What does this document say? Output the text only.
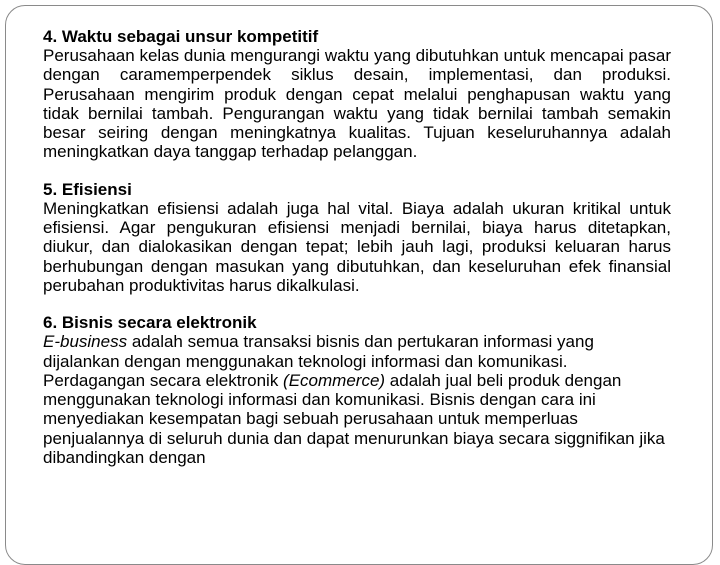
4. Waktu sebagai unsur kompetitif

Perusahaan kelas dunia mengurangi waktu yang dibutuhkan untuk mencapai pasar dengan caramemperpendek siklus desain, implementasi, dan produksi. Perusahaan mengirim produk dengan cepat melalui penghapusan waktu yang tidak bernilai tambah. Pengurangan waktu yang tidak bernilai tambah semakin besar seiring dengan meningkatnya kualitas. Tujuan keseluruhannya adalah meningkatkan daya tanggap terhadap pelanggan.

5. Efisiensi

Meningkatkan efisiensi adalah juga hal vital. Biaya adalah ukuran kritikal untuk efisiensi. Agar pengukuran efisiensi menjadi bernilai, biaya harus ditetapkan, diukur, dan dialokasikan dengan tepat; lebih jauh lagi, produksi keluaran harus berhubungan dengan masukan yang dibutuhkan, dan keseluruhan efek finansial perubahan produktivitas harus dikalkulasi.

6. Bisnis secara elektronik

E-business adalah semua transaksi bisnis dan pertukaran informasi yang dijalankan dengan menggunakan teknologi informasi dan komunikasi. Perdagangan secara elektronik (Ecommerce) adalah jual beli produk dengan menggunakan teknologi informasi dan komunikasi. Bisnis dengan cara ini menyediakan kesempatan bagi sebuah perusahaan untuk memperluas penjualannya di seluruh dunia dan dapat menurunkan biaya secara siggnifikan jika dibandingkan dengan
